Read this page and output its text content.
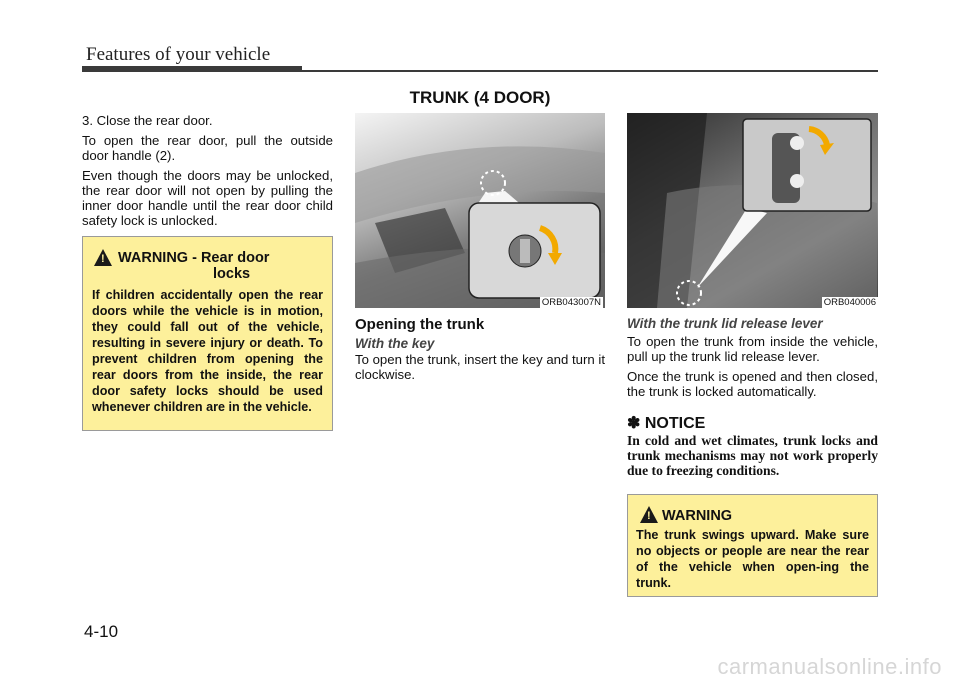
Features of your vehicle
TRUNK (4 DOOR)

3. Close the rear door.

To open the rear door, pull the outside door handle (2).

Even though the doors may be unlocked, the rear door will not open by pulling the inner door handle until the rear door child safety lock is unlocked.

! WARNING - Rear door
locks
If children accidentally open the rear doors while the vehicle is in motion, they could fall out of the vehicle, resulting in severe injury or death. To prevent children from opening the rear doors from the inside, the rear door safety locks should be used whenever children are in the vehicle.
ORB043007N	ORB040006
Opening the trunk
With the key

To open the trunk, insert the key and turn it clockwise.

With the trunk lid release lever

To open the trunk from inside the vehicle, pull up the trunk lid release lever.

Once the trunk is opened and then closed, the trunk is locked automatically.

✽ NOTICE
In cold and wet climates, trunk locks and trunk mechanisms may not work properly due to freezing conditions.
! WARNING
The trunk swings upward. Make sure no objects or people are near the rear of the vehicle when open-ing the trunk.
4-10
carmanualsonline.info
